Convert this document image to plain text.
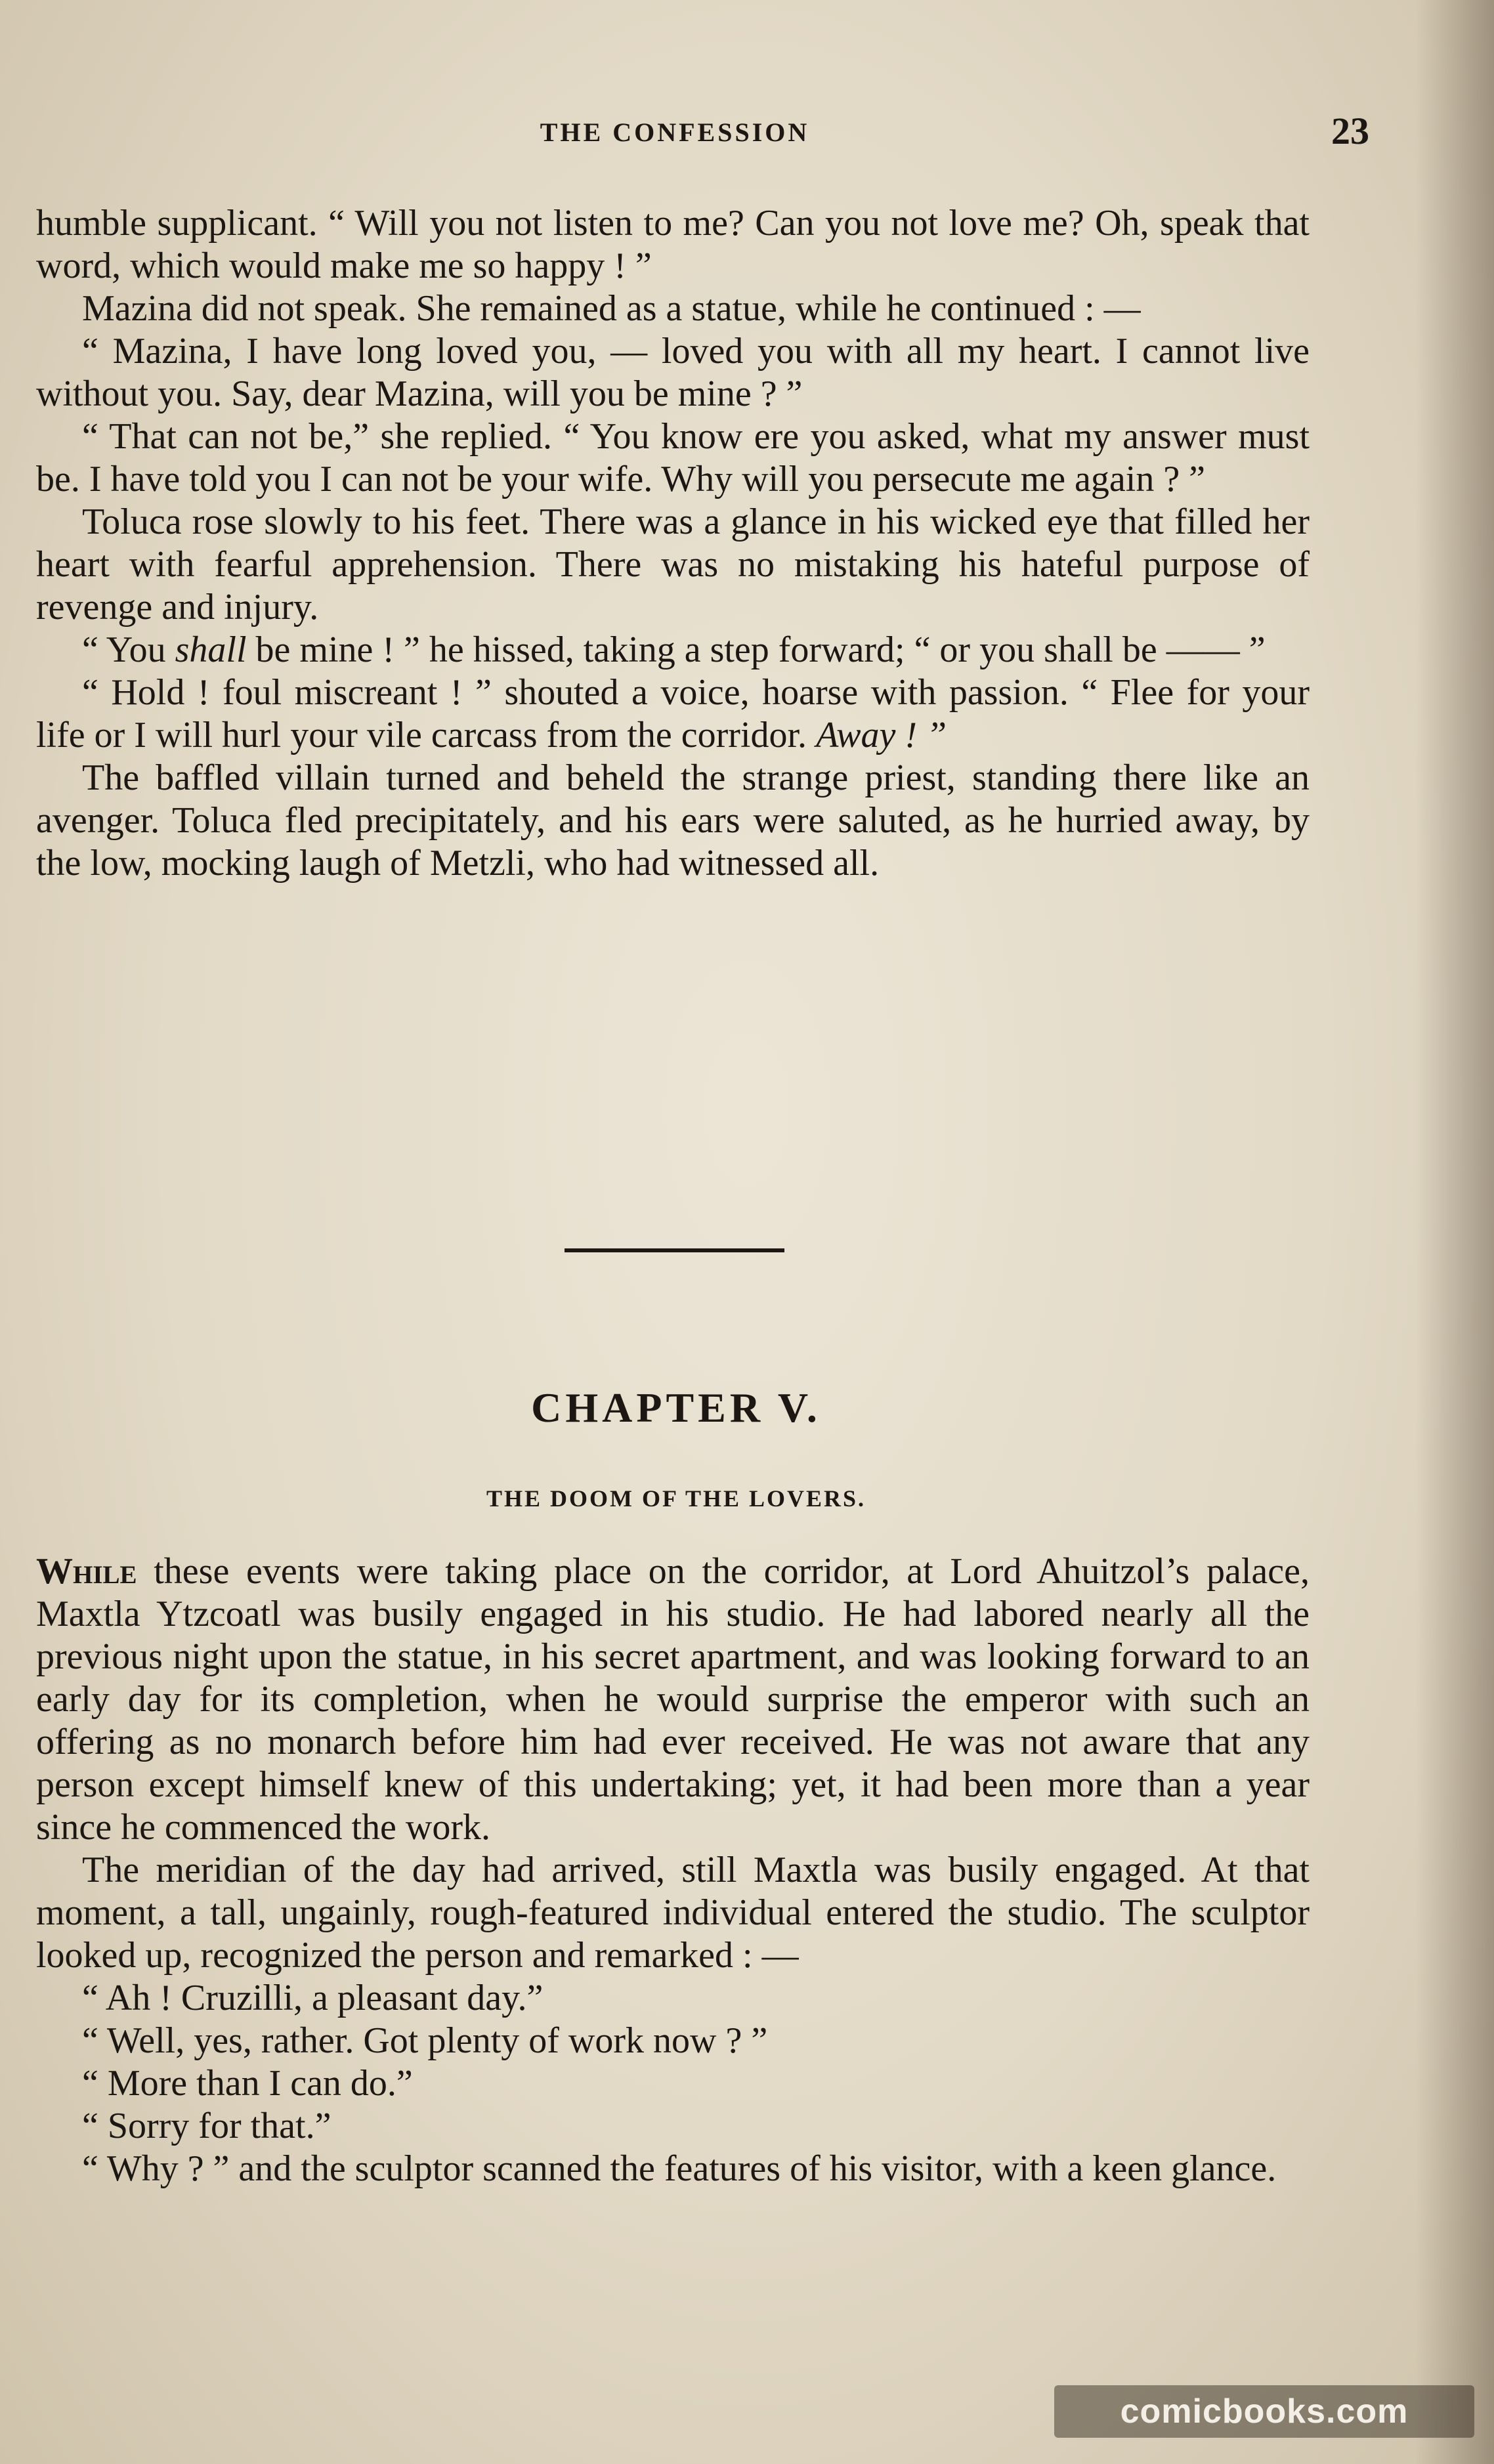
THE CONFESSION	23

humble supplicant. “ Will you not listen to me? Can you not love me? Oh, speak that word, which would make me so happy ! ”

Mazina did not speak. She remained as a statue, while he continued : —

“ Mazina, I have long loved you, — loved you with all my heart. I cannot live without you. Say, dear Mazina, will you be mine ? ”

“ That can not be,” she replied. “ You know ere you asked, what my answer must be. I have told you I can not be your wife. Why will you persecute me again ? ”

Toluca rose slowly to his feet. There was a glance in his wicked eye that filled her heart with fearful apprehension. There was no mistaking his hateful purpose of revenge and injury.

“ You shall be mine ! ” he hissed, taking a step forward; “ or you shall be —— ”

“ Hold ! foul miscreant ! ” shouted a voice, hoarse with passion. “ Flee for your life or I will hurl your vile carcass from the corridor. Away ! ”

The baffled villain turned and beheld the strange priest, standing there like an avenger. Toluca fled precipitately, and his ears were saluted, as he hurried away, by the low, mocking laugh of Metzli, who had witnessed all.

CHAPTER V.
THE DOOM OF THE LOVERS.

While these events were taking place on the corridor, at Lord Ahuitzol’s palace, Maxtla Ytzcoatl was busily engaged in his studio. He had labored nearly all the previous night upon the statue, in his secret apartment, and was looking forward to an early day for its completion, when he would surprise the emperor with such an offering as no monarch before him had ever received. He was not aware that any person except himself knew of this undertaking; yet, it had been more than a year since he commenced the work.

The meridian of the day had arrived, still Maxtla was busily engaged. At that moment, a tall, ungainly, rough-featured individual entered the studio. The sculptor looked up, recognized the person and remarked : —

“ Ah ! Cruzilli, a pleasant day.”

“ Well, yes, rather. Got plenty of work now ? ”

“ More than I can do.”

“ Sorry for that.”

“ Why ? ” and the sculptor scanned the features of his visitor, with a keen glance.

comicbooks.com
